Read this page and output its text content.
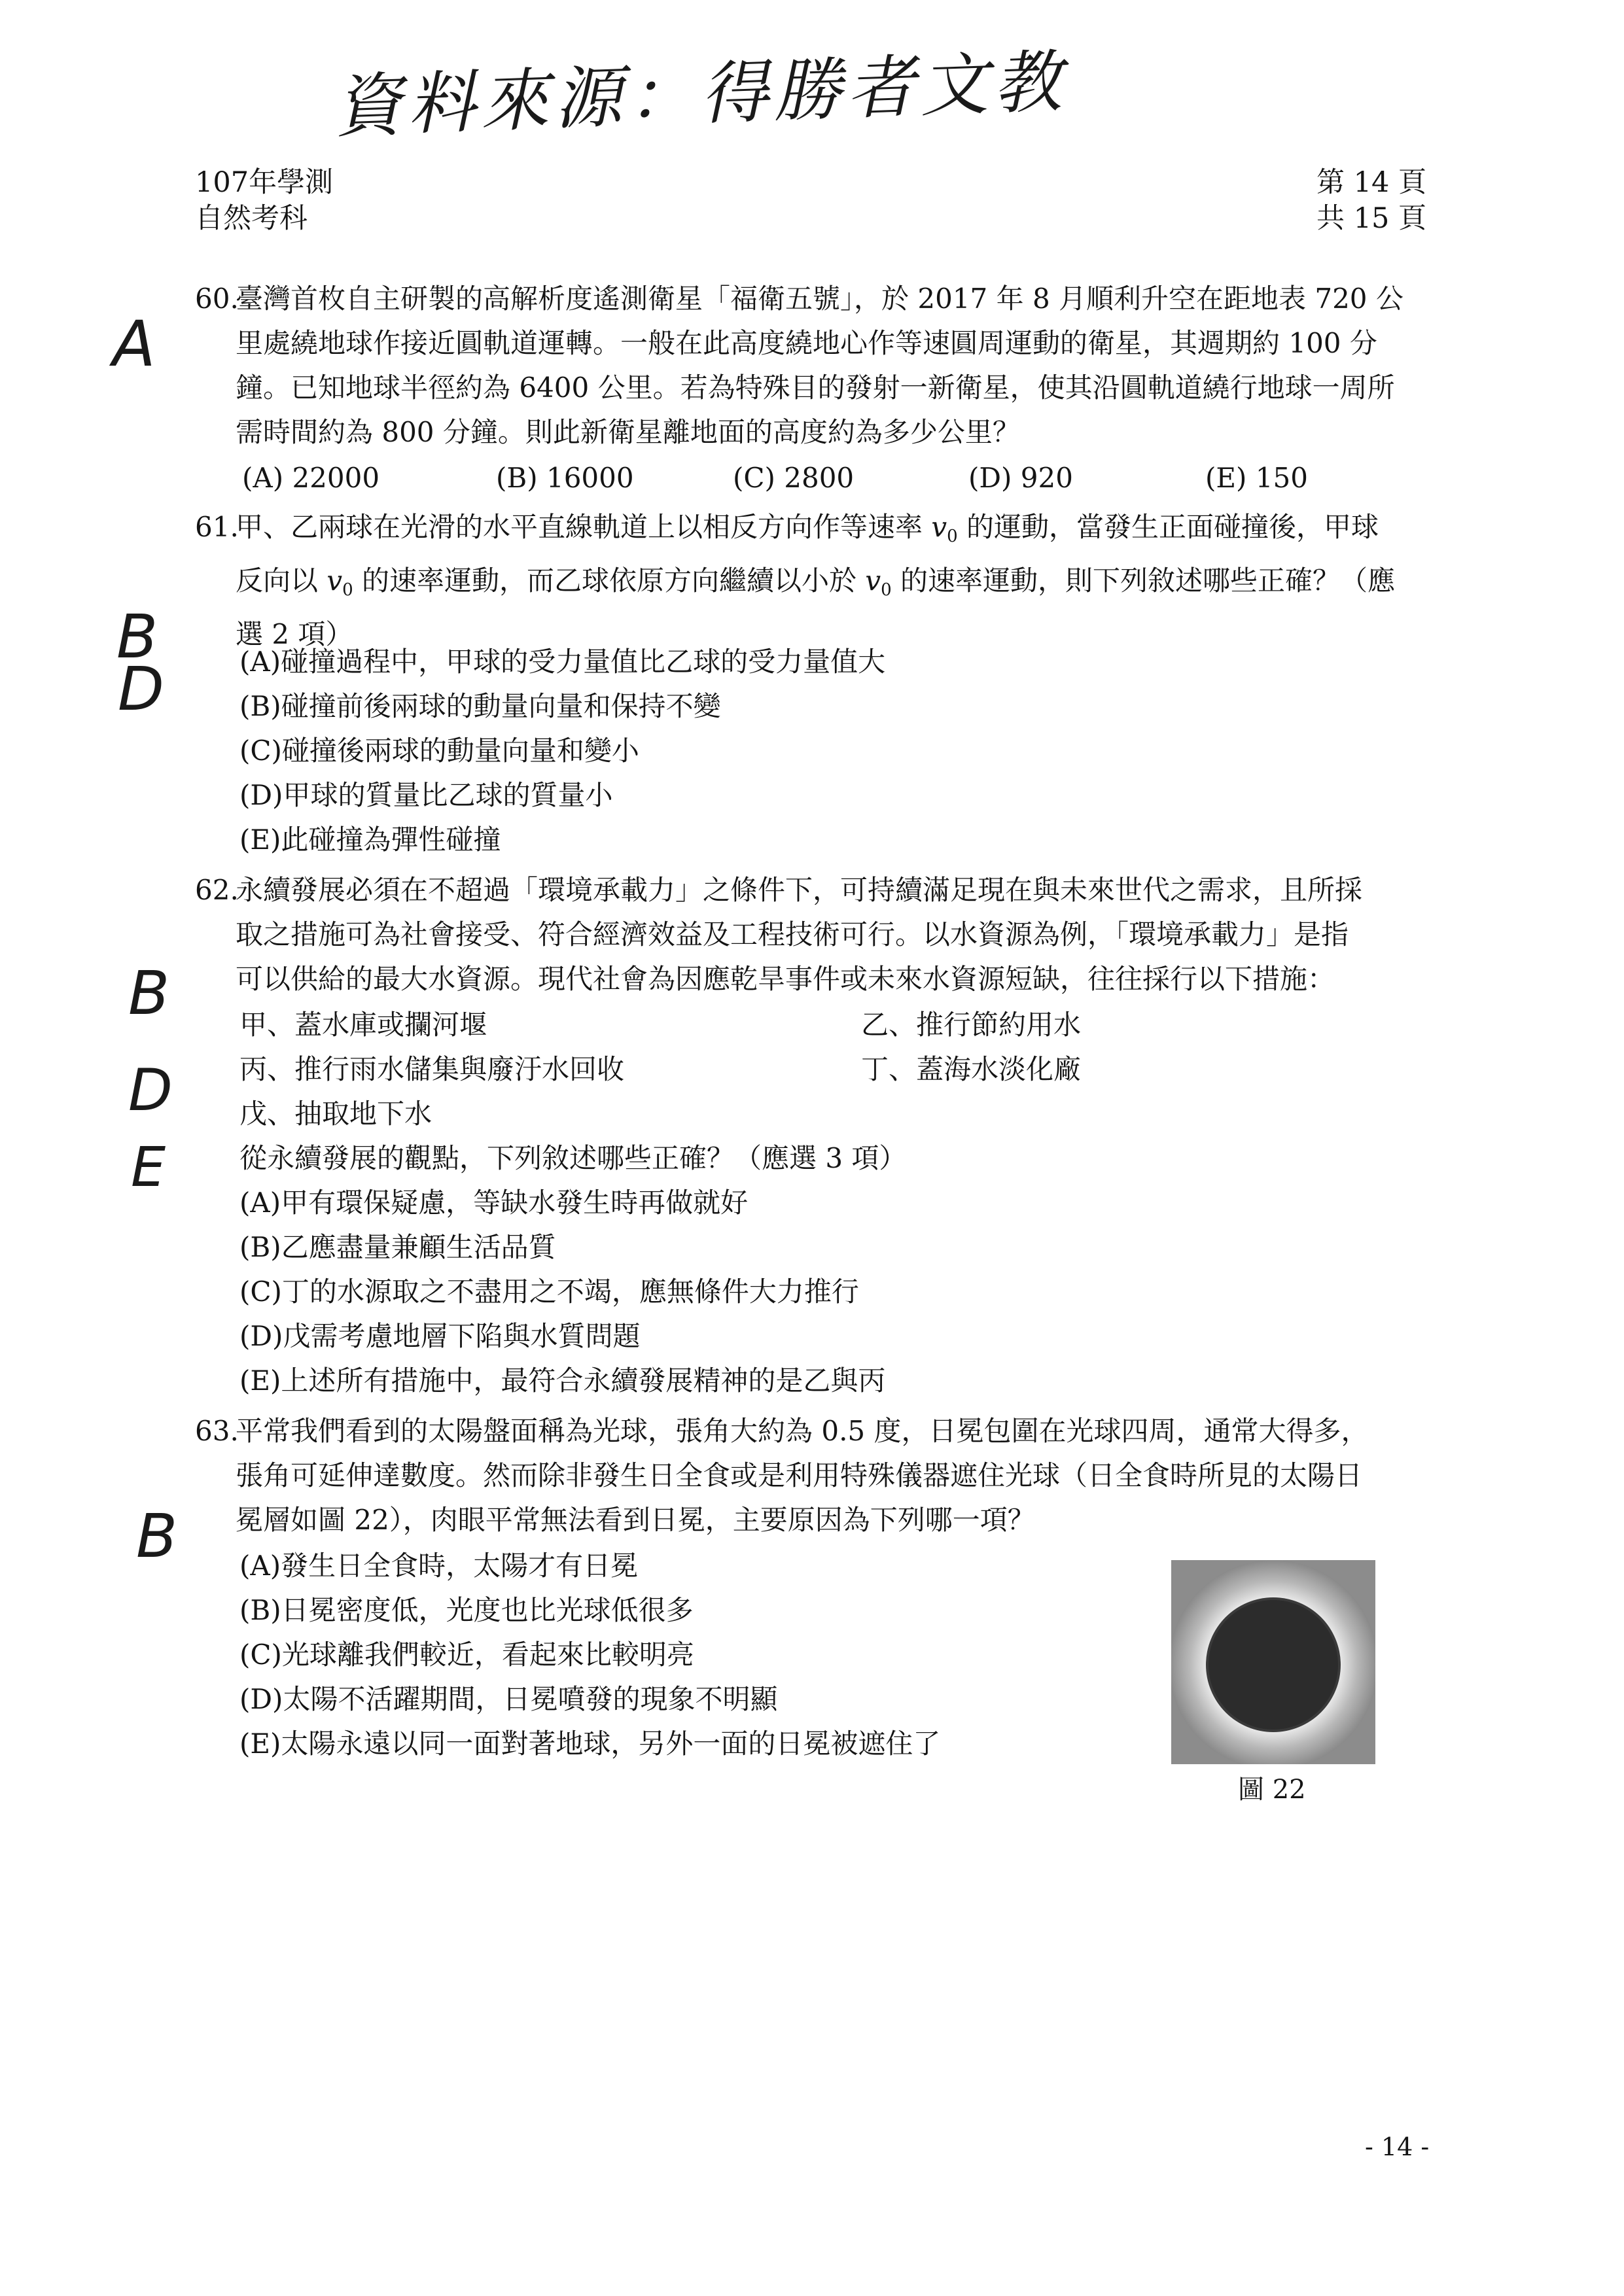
資料來源：得勝者文教
107年學測
自然考科
第 14 頁
共 15 頁
A
B
D
B
D
E
B
60.
臺灣首枚自主研製的高解析度遙測衛星「福衛五號」，於 2017 年 8 月順利升空在距地表 720 公
里處繞地球作接近圓軌道運轉。一般在此高度繞地心作等速圓周運動的衛星，其週期約 100 分
鐘。已知地球半徑約為 6400 公里。若為特殊目的發射一新衛星，使其沿圓軌道繞行地球一周所
需時間約為 800 分鐘。則此新衛星離地面的高度約為多少公里？
(A) 22000	(B) 16000	(C) 2800	(D) 920	(E) 150
61.
甲、乙兩球在光滑的水平直線軌道上以相反方向作等速率 $v_0$ 的運動，當發生正面碰撞後，甲球
反向以 $v_0$ 的速率運動，而乙球依原方向繼續以小於 $v_0$ 的速率運動，則下列敘述哪些正確？（應
選 2 項）
(A)碰撞過程中，甲球的受力量值比乙球的受力量值大
(B)碰撞前後兩球的動量向量和保持不變
(C)碰撞後兩球的動量向量和變小
(D)甲球的質量比乙球的質量小
(E)此碰撞為彈性碰撞
62.
永續發展必須在不超過「環境承載力」之條件下，可持續滿足現在與未來世代之需求，且所採
取之措施可為社會接受、符合經濟效益及工程技術可行。以水資源為例，「環境承載力」是指
可以供給的最大水資源。現代社會為因應乾旱事件或未來水資源短缺，往往採行以下措施：
甲、蓋水庫或攔河堰	乙、推行節約用水
丙、推行雨水儲集與廢汙水回收	丁、蓋海水淡化廠
戊、抽取地下水
從永續發展的觀點，下列敘述哪些正確？（應選 3 項）
(A)甲有環保疑慮，等缺水發生時再做就好
(B)乙應盡量兼顧生活品質
(C)丁的水源取之不盡用之不竭，應無條件大力推行
(D)戊需考慮地層下陷與水質問題
(E)上述所有措施中，最符合永續發展精神的是乙與丙
63.
平常我們看到的太陽盤面稱為光球，張角大約為 0.5 度，日冕包圍在光球四周，通常大得多，
張角可延伸達數度。然而除非發生日全食或是利用特殊儀器遮住光球（日全食時所見的太陽日
冕層如圖 22），肉眼平常無法看到日冕，主要原因為下列哪一項？
(A)發生日全食時，太陽才有日冕
(B)日冕密度低，光度也比光球低很多
(C)光球離我們較近，看起來比較明亮
(D)太陽不活躍期間，日冕噴發的現象不明顯
(E)太陽永遠以同一面對著地球，另外一面的日冕被遮住了
圖 22
- 14 -
